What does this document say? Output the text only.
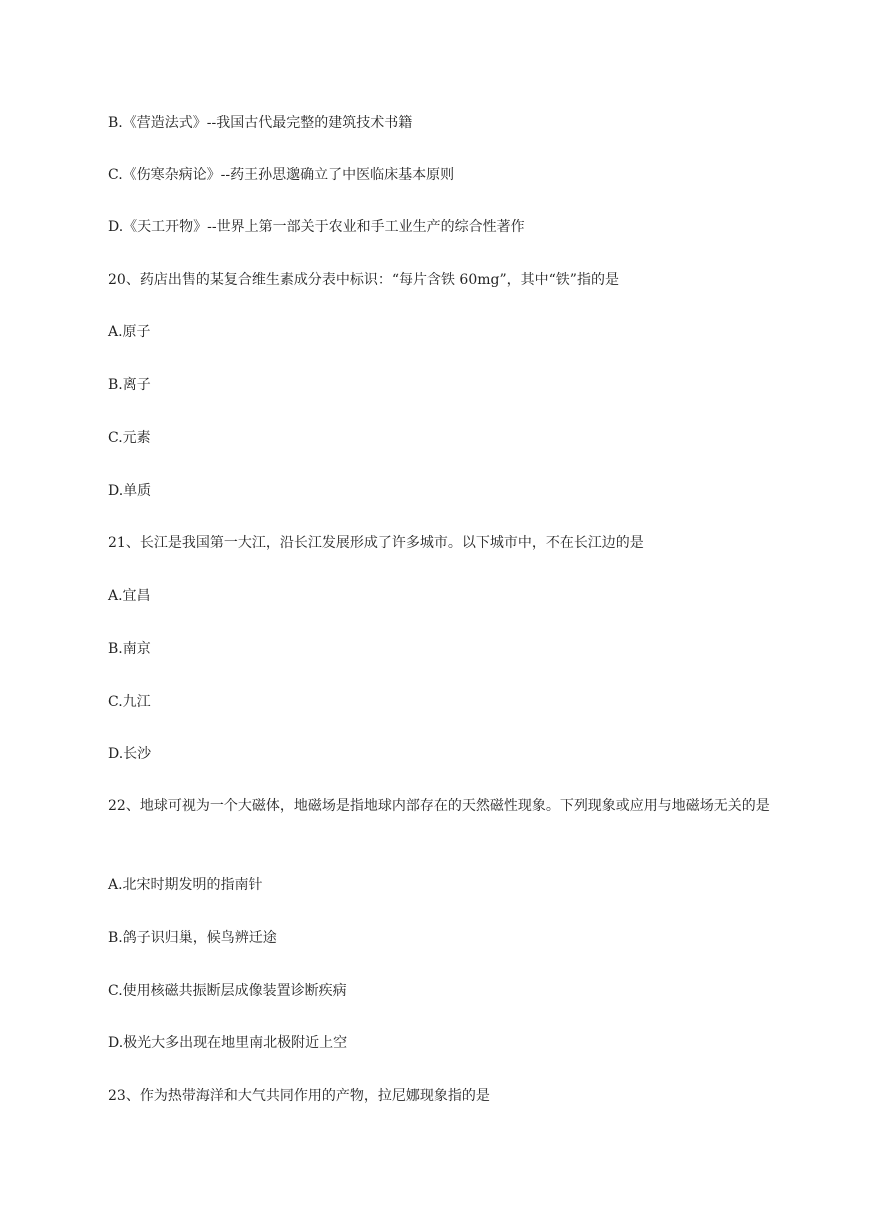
B.《营造法式》--我国古代最完整的建筑技术书籍
C.《伤寒杂病论》--药王孙思邈确立了中医临床基本原则
D.《天工开物》--世界上第一部关于农业和手工业生产的综合性著作
20、药店出售的某复合维生素成分表中标识：“每片含铁 60mg”，其中“铁”指的是
A.原子
B.离子
C.元素
D.单质
21、长江是我国第一大江，沿长江发展形成了许多城市。以下城市中，不在长江边的是
A.宜昌
B.南京
C.九江
D.长沙
22、地球可视为一个大磁体，地磁场是指地球内部存在的天然磁性现象。下列现象或应用与地磁场无关的是
A.北宋时期发明的指南针
B.鸽子识归巢，候鸟辨迁途
C.使用核磁共振断层成像装置诊断疾病
D.极光大多出现在地里南北极附近上空
23、作为热带海洋和大气共同作用的产物，拉尼娜现象指的是
